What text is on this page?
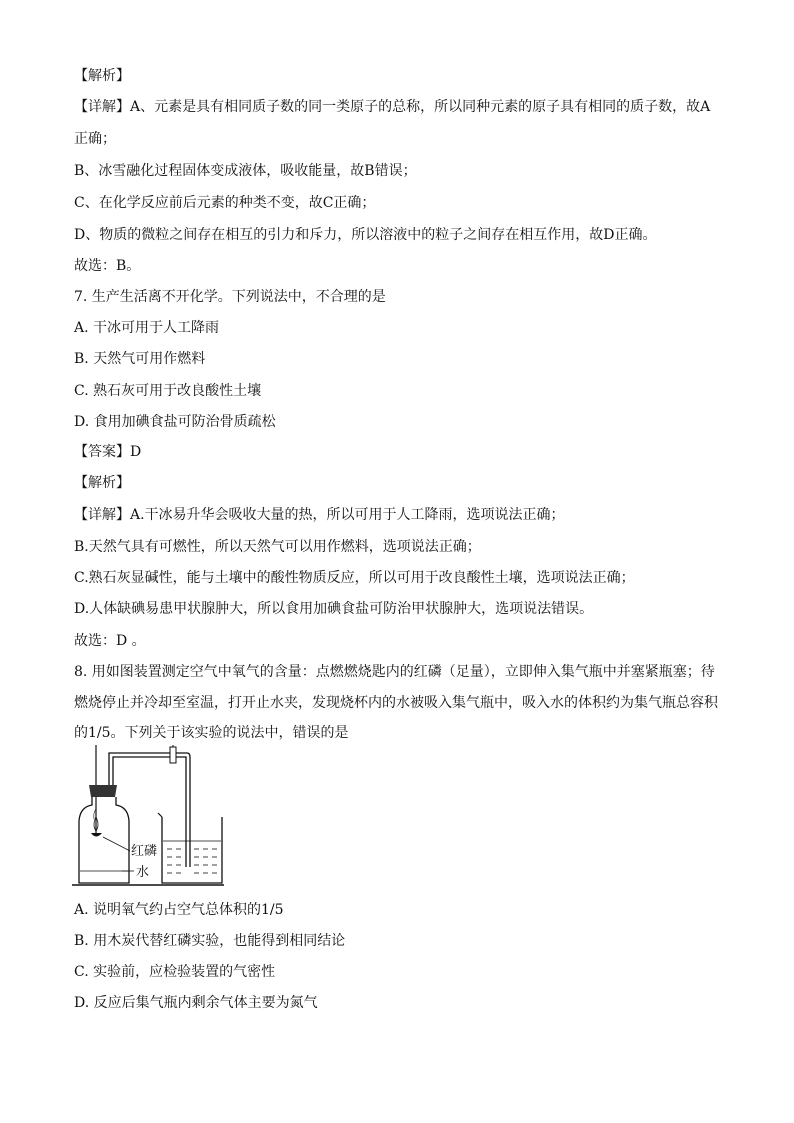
【解析】
【详解】A、元素是具有相同质子数的同一类原子的总称，所以同种元素的原子具有相同的质子数，故A
正确；
B、冰雪融化过程固体变成液体，吸收能量，故B错误；
C、在化学反应前后元素的种类不变，故C正确；
D、物质的微粒之间存在相互的引力和斥力，所以溶液中的粒子之间存在相互作用，故D正确。
故选：B。
7. 生产生活离不开化学。下列说法中，不合理的是
A. 干冰可用于人工降雨
B. 天然气可用作燃料
C. 熟石灰可用于改良酸性土壤
D. 食用加碘食盐可防治骨质疏松
【答案】D
【解析】
【详解】A.干冰易升华会吸收大量的热，所以可用于人工降雨，选项说法正确；
B.天然气具有可燃性，所以天然气可以用作燃料，选项说法正确；
C.熟石灰显碱性，能与土壤中的酸性物质反应，所以可用于改良酸性土壤，选项说法正确；
D.人体缺碘易患甲状腺肿大，所以食用加碘食盐可防治甲状腺肿大，选项说法错误。
故选：D 。
8. 用如图装置测定空气中氧气的含量：点燃燃烧匙内的红磷（足量），立即伸入集气瓶中并塞紧瓶塞；待
燃烧停止并冷却至室温，打开止水夹，发现烧杯内的水被吸入集气瓶中，吸入水的体积约为集气瓶总容积
的1/5。下列关于该实验的说法中，错误的是
红磷
水
A. 说明氧气约占空气总体积的1/5
B. 用木炭代替红磷实验，也能得到相同结论
C. 实验前，应检验装置的气密性
D. 反应后集气瓶内剩余气体主要为氮气
